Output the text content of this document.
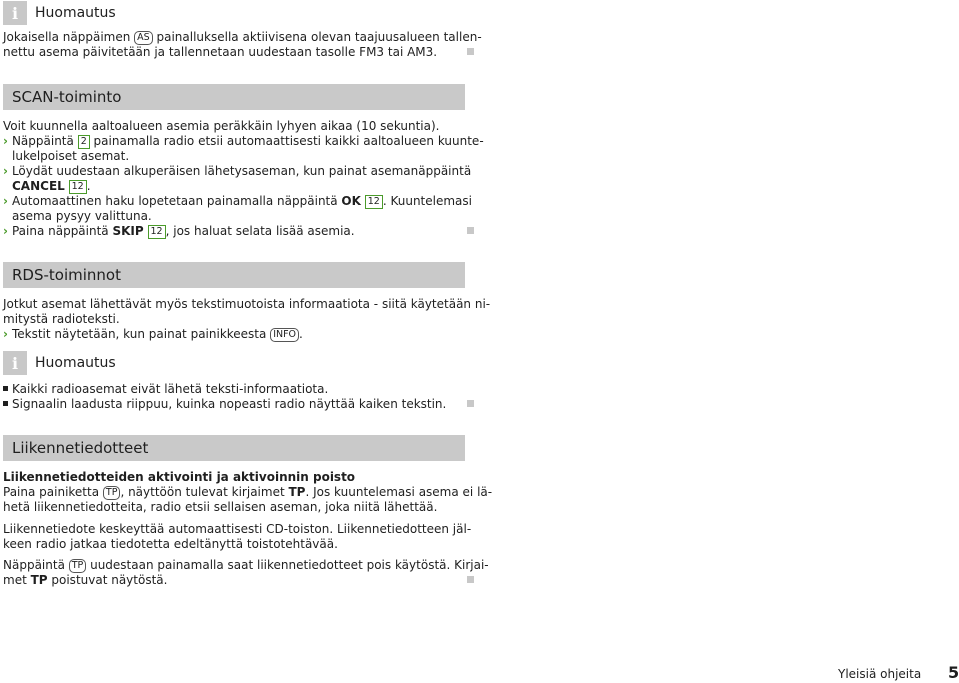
i	Huomautus
Jokaisella näppäimen AS painalluksella aktiivisena olevan taajuusalueen tallen-
nettu asema päivitetään ja tallennetaan uudestaan tasolle FM3 tai AM3.
SCAN-toiminto
Voit kuunnella aaltoalueen asemia peräkkäin lyhyen aikaa (10 sekuntia).
› Näppäintä 2 painamalla radio etsii automaattisesti kaikki aaltoalueen kuunte-
lukelpoiset asemat.
› Löydät uudestaan alkuperäisen lähetysaseman, kun painat asemanäppäintä
CANCEL 12 .
› Automaattinen haku lopetetaan painamalla näppäintä OK 12 . Kuuntelemasi
asema pysyy valittuna.
› Paina näppäintä SKIP 12 , jos haluat selata lisää asemia.
RDS-toiminnot
Jotkut asemat lähettävät myös tekstimuotoista informaatiota - siitä käytetään ni-
mitystä radioteksti.
› Tekstit näytetään, kun painat painikkeesta INFO .
i	Huomautus
Kaikki radioasemat eivät lähetä teksti-informaatiota.
Signaalin laadusta riippuu, kuinka nopeasti radio näyttää kaiken tekstin.
Liikennetiedotteet
Liikennetiedotteiden aktivointi ja aktivoinnin poisto
Paina painiketta TP , näyttöön tulevat kirjaimet TP. Jos kuuntelemasi asema ei lä-
hetä liikennetiedotteita, radio etsii sellaisen aseman, joka niitä lähettää.
Liikennetiedote keskeyttää automaattisesti CD-toiston. Liikennetiedotteen jäl-
keen radio jatkaa tiedotetta edeltänyttä toistotehtävää.
Näppäintä TP uudestaan painamalla saat liikennetiedotteet pois käytöstä. Kirjai-
met TP poistuvat näytöstä.
Yleisiä ohjeita 5
